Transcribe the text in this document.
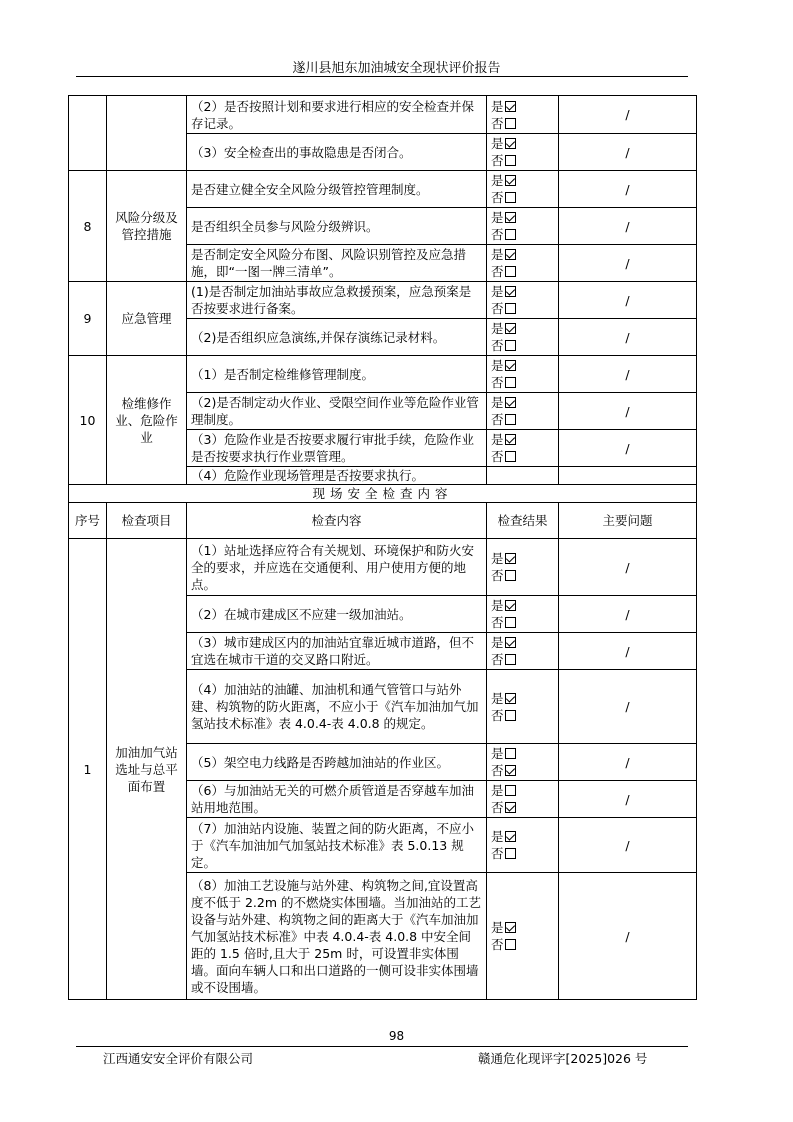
遂川县旭东加油城安全现状评价报告
		（2）是否按照计划和要求进行相应的安全检查并保存记录。	是
否	/
		（3）安全检查出的事故隐患是否闭合。	是
否	/
8	风险分级及管控措施	是否建立健全安全风险分级管控管理制度。	是
否	/
		是否组织全员参与风险分级辨识。	是
否	/
		是否制定安全风险分布图、风险识别管控及应急措施，即“一图一牌三清单”。	是
否	/
9	应急管理	(1)是否制定加油站事故应急救援预案，应急预案是否按要求进行备案。	是
否	/
		（2)是否组织应急演练,并保存演练记录材料。	是
否	/
10	检维修作业、危险作业	（1）是否制定检维修管理制度。	是
否	/
		（2)是否制定动火作业、受限空间作业等危险作业管理制度。	是
否	/
		（3）危险作业是否按要求履行审批手续，危险作业是否按要求执行作业票管理。	是
否	/
		（4）危险作业现场管理是否按要求执行。		
现场安全检查内容				
序号	检查项目	检查内容	检查结果	主要问题
1	加油加气站选址与总平面布置	（1）站址选择应符合有关规划、环境保护和防火安全的要求，并应选在交通便利、用户使用方便的地点。	是
否	/
		（2）在城市建成区不应建一级加油站。	是
否	/
		（3）城市建成区内的加油站宜靠近城市道路，但不宜选在城市干道的交叉路口附近。	是
否	/
		（4）加油站的油罐、加油机和通气管管口与站外建、构筑物的防火距离，不应小于《汽车加油加气加氢站技术标准》表 4.0.4-表 4.0.8 的规定。	是
否	/
		（5）架空电力线路是否跨越加油站的作业区。	是
否	/
		（6）与加油站无关的可燃介质管道是否穿越车加油站用地范围。	是
否	/
		（7）加油站内设施、装置之间的防火距离，不应小于《汽车加油加气加氢站技术标准》表 5.0.13 规定。	是
否	/
		（8）加油工艺设施与站外建、构筑物之间,宜设置高度不低于 2.2m 的不燃烧实体围墙。当加油站的工艺设备与站外建、构筑物之间的距离大于《汽车加油加气加氢站技术标准》中表 4.0.4-表 4.0.8 中安全间距的 1.5 倍时,且大于 25m 时，可设置非实体围墙。面向车辆人口和出口道路的一侧可设非实体围墙或不设围墙。	是
否	/
98
江西通安安全评价有限公司	赣通危化现评字[2025]026 号
